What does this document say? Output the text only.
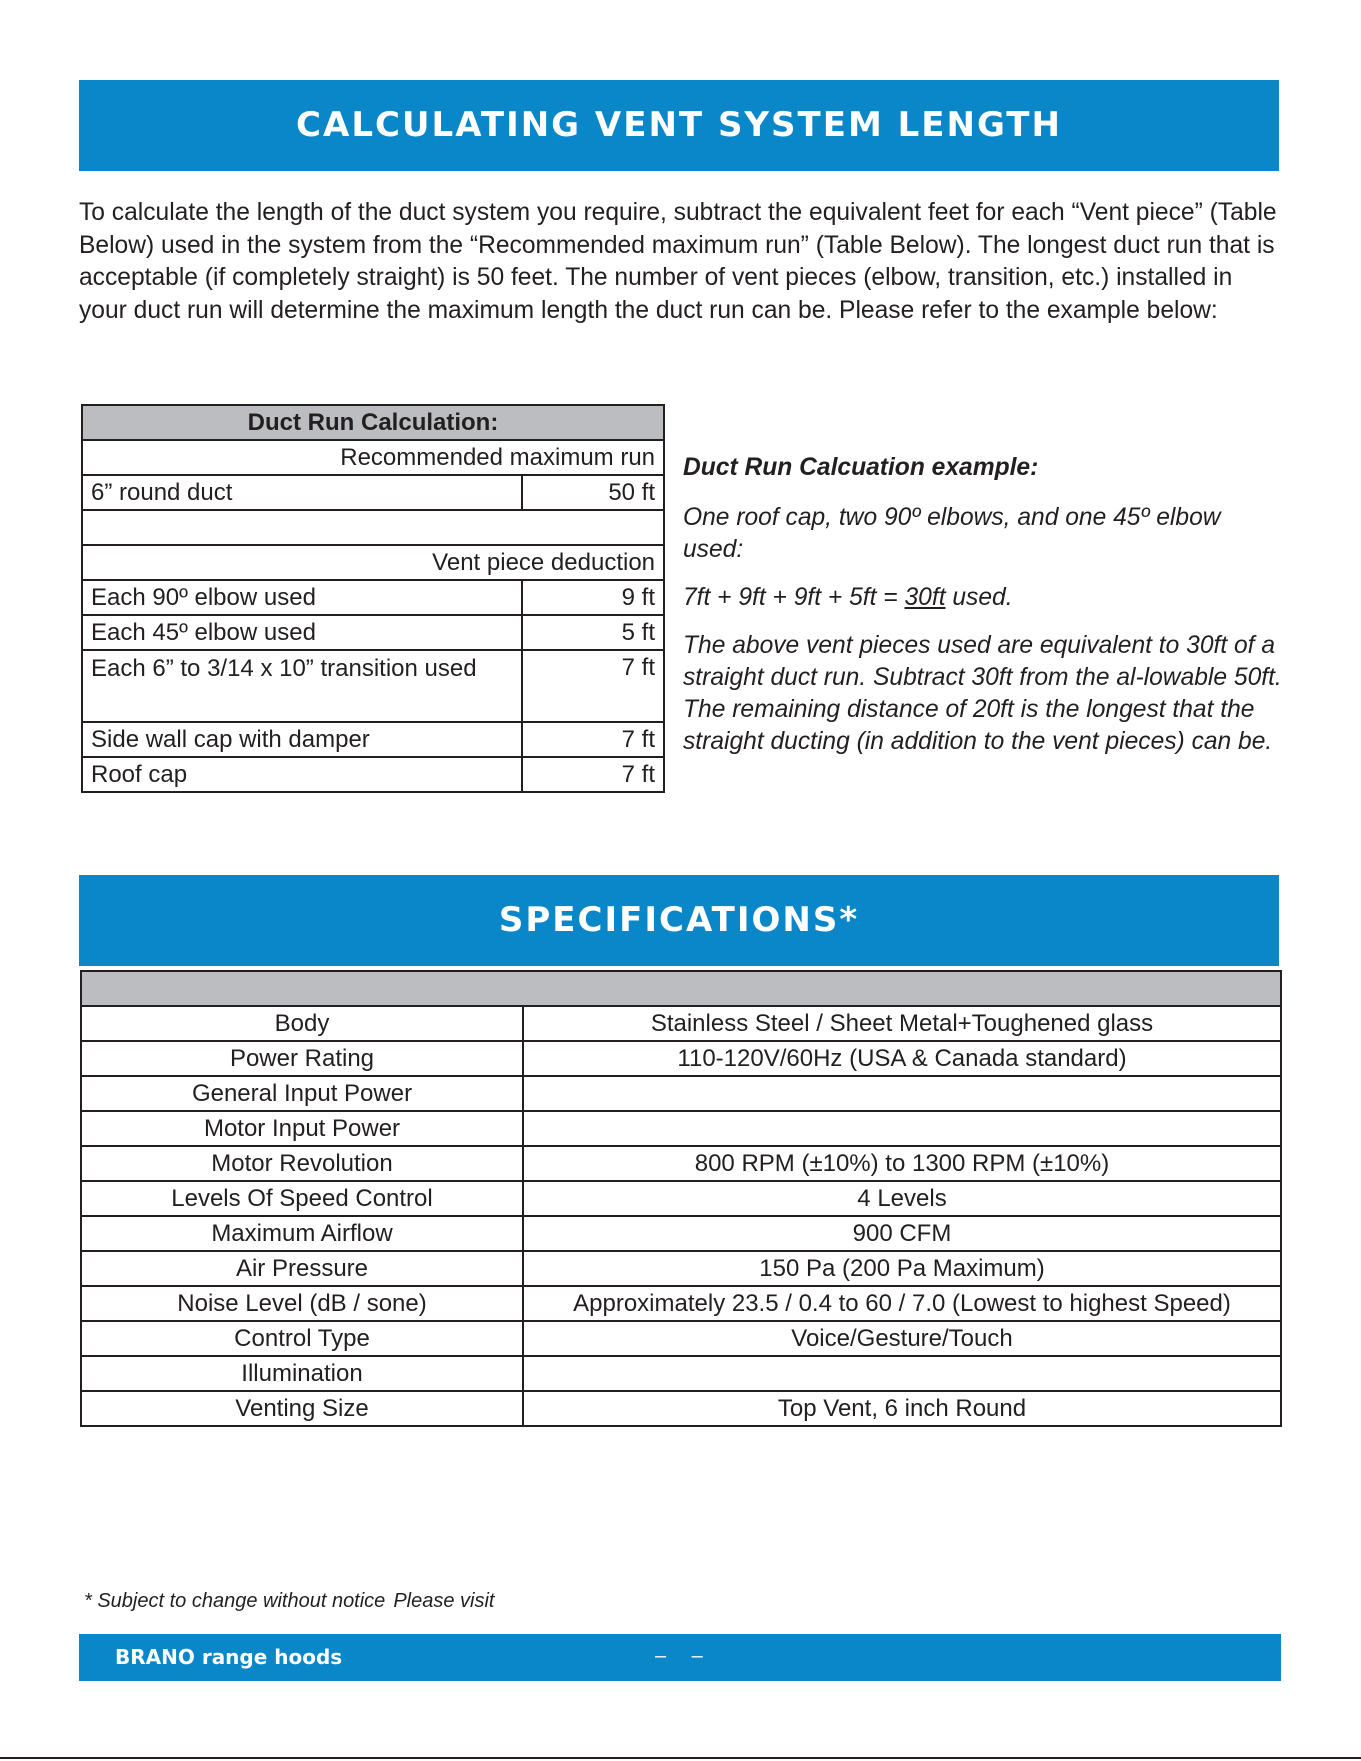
CALCULATING VENT SYSTEM LENGTH

To calculate the length of the duct system you require, subtract the equivalent feet for each “Vent piece” (Table Below) used in the system from the “Recommended maximum run” (Table Below). The longest duct run that is acceptable (if completely straight) is 50 feet. The number of vent pieces (elbow, transition, etc.) installed in your duct run will determine the maximum length the duct run can be. Please refer to the example below:

Duct Run Calculation:	
Recommended maximum run	
6” round duct	50 ft

Vent piece deduction	
Each 90º elbow used	9 ft
Each 45º elbow used	5 ft
Each 6” to 3/14 x 10” transition used	7 ft
Side wall cap with damper	7 ft
Roof cap	7 ft

Duct Run Calcuation example:

One roof cap, two 90º elbows, and one 45º elbow used:

7ft + 9ft + 9ft + 5ft = 30ft used.

The above vent pieces used are equivalent to 30ft of a straight duct run. Subtract 30ft from the al-lowable 50ft. The remaining distance of 20ft is the longest that the straight ducting (in addition to the vent pieces) can be.

SPECIFICATIONS*

Body	Stainless Steel / Sheet Metal+Toughened glass
Power Rating	110-120V/60Hz (USA & Canada standard)
General Input Power	
Motor Input Power	
Motor Revolution	800 RPM (±10%) to 1300 RPM (±10%)
Levels Of Speed Control	4 Levels
Maximum Airflow	900 CFM
Air Pressure	150 Pa (200 Pa Maximum)
Noise Level (dB / sone)	Approximately 23.5 / 0.4 to 60 / 7.0 (Lowest to highest Speed)
Control Type	Voice/Gesture/Touch
Illumination	
Venting Size	Top Vent, 6 inch Round
* Subject to change without notice Please visit
BRANO range hoods	– –
